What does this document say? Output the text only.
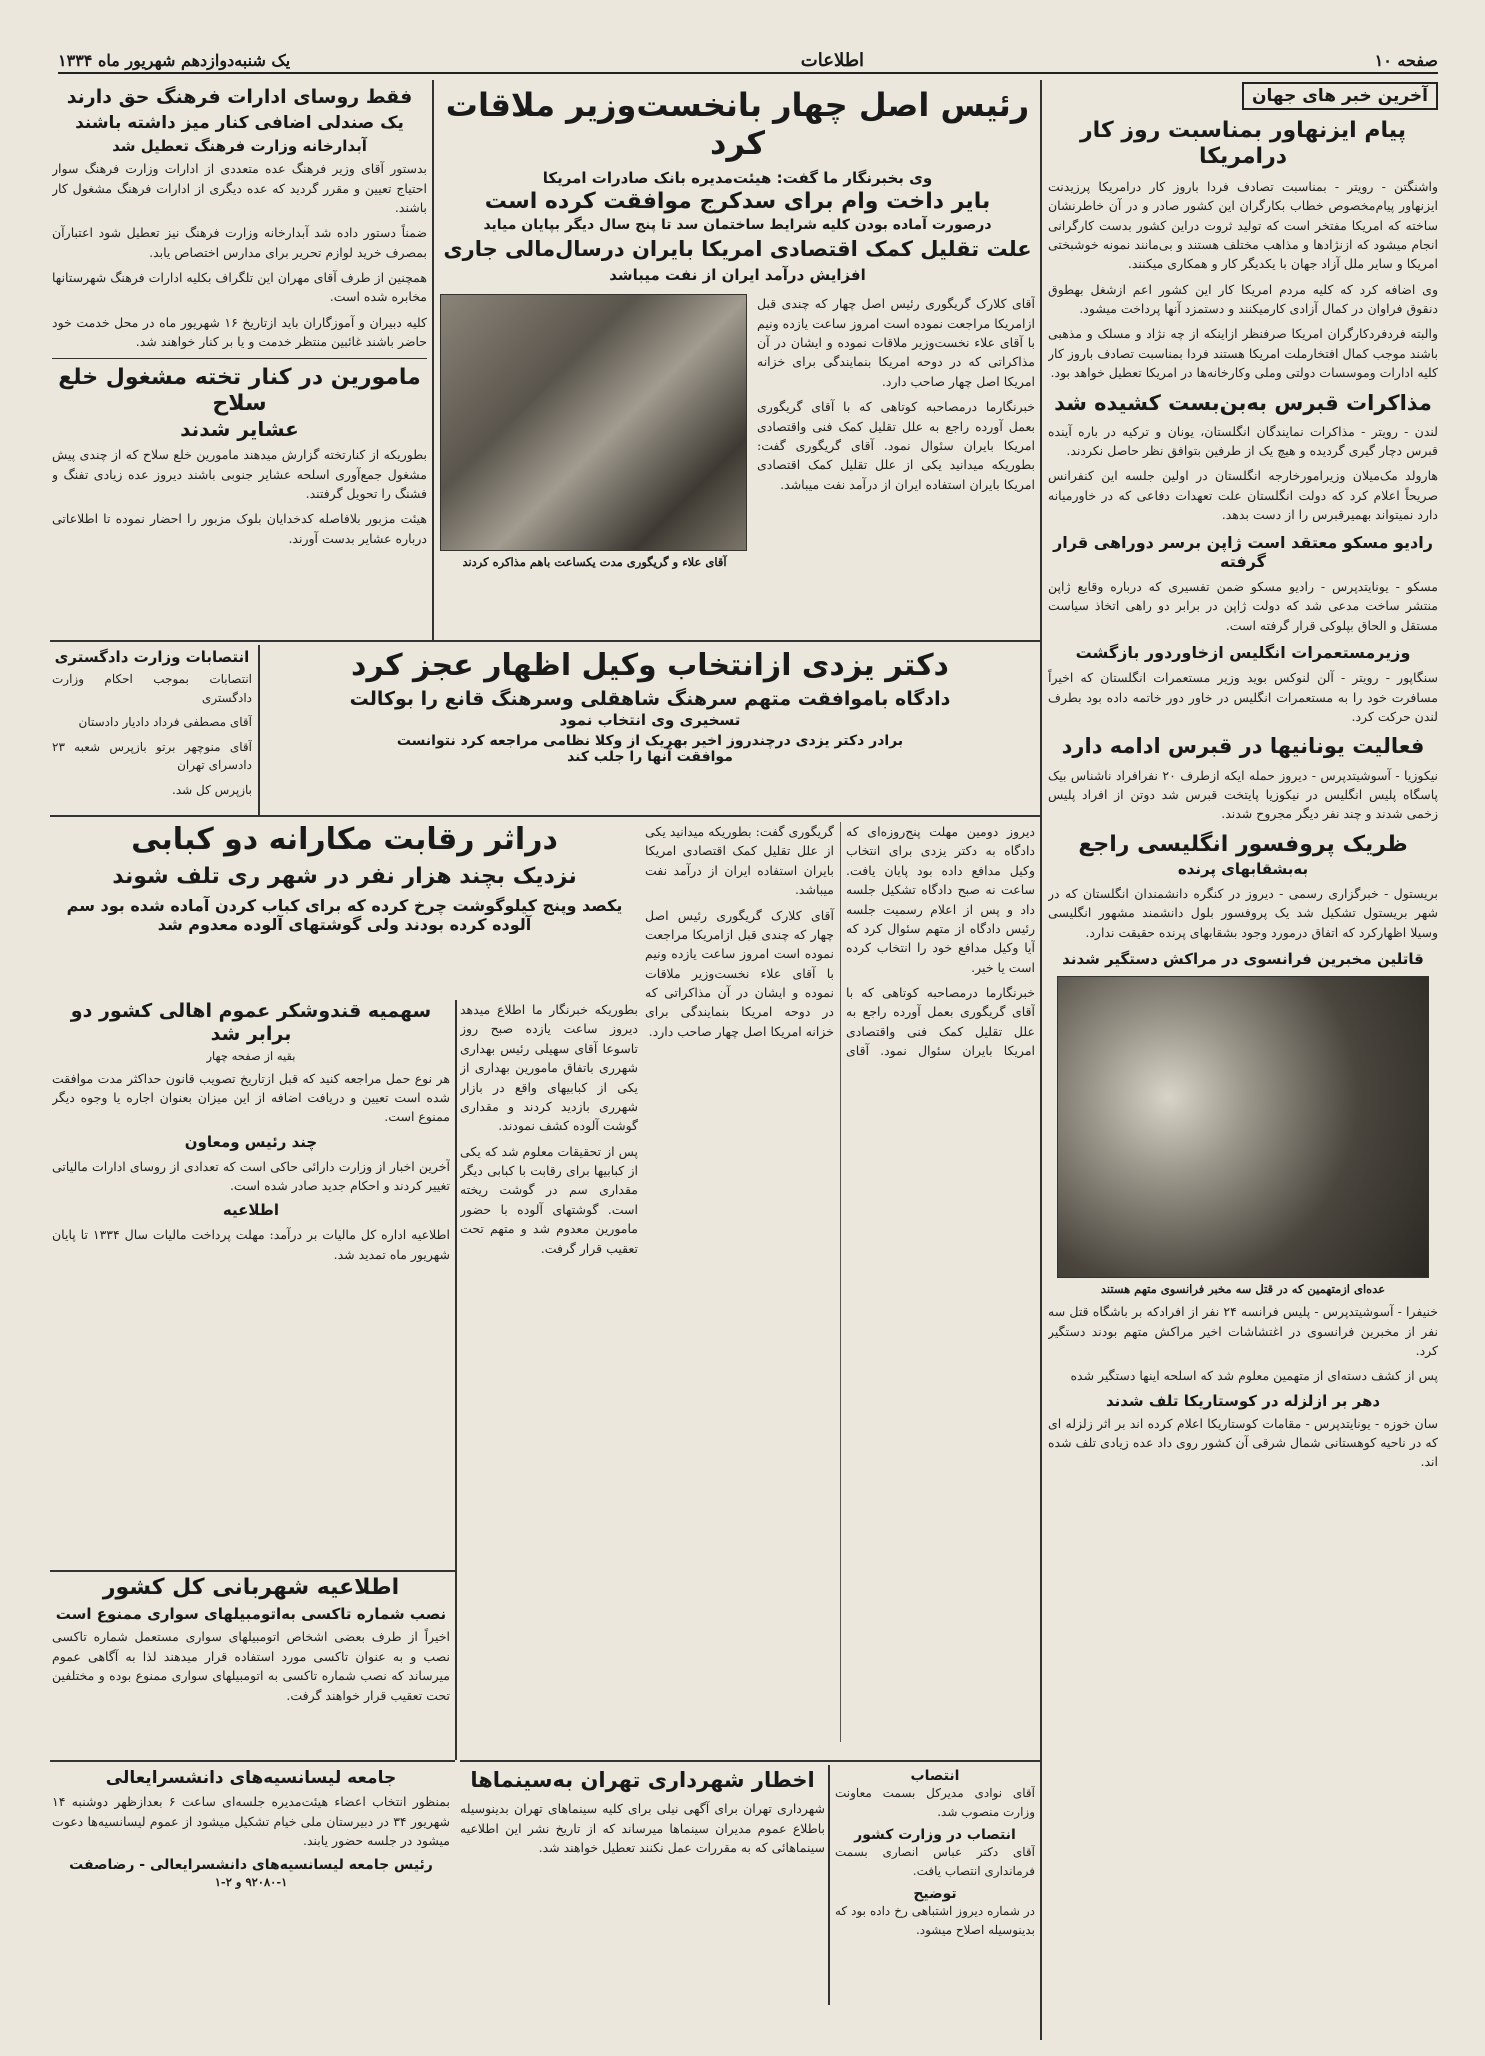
صفحه ۱۰
اطلاعات
یک شنبه‌دوازدهم شهریور ماه ۱۳۳۴
آخرین خبر های جهان
پیام ایزنهاور بمناسبت روز کار درامریکا

واشنگتن - رویتر - بمناسبت تصادف فردا باروز کار درامریکا پرزیدنت ایزنهاور پیام‌مخصوص خطاب بکارگران این کشور صادر و در آن خاطرنشان ساخته که امریکا مفتخر است که تولید ثروت دراین کشور بدست کارگرانی انجام میشود که ازنژادها و مذاهب مختلف هستند و بی‌مانند نمونه خوشبختی امریکا و سایر ملل آزاد جهان با یکدیگر کار و همکاری میکنند.

وی اضافه کرد که کلیه مردم امریکا کار این کشور اعم ازشغل بهطوق دنقوق فراوان در کمال آزادی کارمیکنند و دستمزد آنها پرداخت میشود.

والبته فردفردکارگران امریکا صرفنظر ازاینکه از چه نژاد و مسلک و مذهبی باشند موجب کمال افتخارملت امریکا هستند فردا بمناسبت تصادف باروز کار کلیه ادارات وموسسات دولتی وملی وکارخانه‌ها در امریکا تعطیل خواهد بود.

مذاکرات قبرس به‌بن‌بست کشیده شد

لندن - رویتر - مذاکرات نمایندگان انگلستان، یونان و ترکیه در باره آینده قبرس دچار گیری گردیده و هیچ یک از طرفین بتوافق نظر حاصل نکردند.

هارولد مک‌میلان وزیرامورخارجه انگلستان در اولین جلسه این کنفرانس صریحاً اعلام کرد که دولت انگلستان علت تعهدات دفاعی که در خاورمیانه دارد نمیتواند بهمیرقبرس را از دست بدهد.

رادیو مسکو معتقد است ژاپن برسر دوراهی قرار گرفته

مسکو - یونایتدپرس - رادیو مسکو ضمن تفسیری که درباره وقایع ژاپن منتشر ساخت مدعی شد که دولت ژاپن در برابر دو راهی اتخاذ سیاست مستقل و الحاق بپلوکی قرار گرفته است.

وزیرمستعمرات انگلیس ازخاورد‌ور بازگشت

سنگاپور - رویتر - آلن لنوکس بوید وزیر مستعمرات انگلستان که اخیراً مسافرت خود را به مستعمرات انگلیس در خاور دور خاتمه داده بود بطرف لندن حرکت کرد.

فعالیت یونانیها در قبرس ادامه دارد

نیکوزیا - آسوشیتدپرس - دیروز حمله ایکه ازطرف ۲۰ نفرافراد ناشناس بیک پاسگاه پلیس انگلیس در نیکوزیا پایتخت قبرس شد دوتن از افراد پلیس زخمی شدند و چند نفر دیگر مجروح شدند.

ظریک پروفسور انگلیسی راجع
به‌بشقابهای پرنده

بریستول - خبرگزاری رسمی - دیروز در کنگره دانشمندان انگلستان که در شهر بریستول تشکیل شد یک پروفسور بلول دانشمند مشهور انگلیسی وسیلا اظهارکرد که اتفاق درمورد وجود بشقابهای پرنده حقیقت ندارد.

قاتلین مخبرین فرانسوی در مراکش دستگیر شدند
عده‌ای ازمتهمین که در قتل سه مخبر فرانسوی متهم هستند

خنیفرا - آسوشیتدپرس - پلیس فرانسه ۲۴ نفر از افرادکه بر باشگاه قتل سه نفر از مخبرین فرانسوی در اغتشاشات اخیر مراکش متهم بودند دستگیر کرد.

پس از کشف دسته‌ای از متهمین معلوم شد که اسلحه اینها دستگیر شده

دهر بر ازلزله در کوستاریکا تلف شدند

سان خوزه - یونایتدپرس - مقامات کوستاریکا اعلام کرده اند بر اثر زلزله ای که در ناحیه کوهستانی شمال شرقی آن کشور روی داد عده زیادی تلف شده اند.

رئیس اصل چهار بانخست‌وزیر ملاقات کرد
وی بخبرنگار ما گفت: هیئت‌مدیره بانک صادرات امریکا
بایر داخت وام برای سدکرج موافقت کرده است
درصورت آماده بودن کلیه شرایط ساختمان سد تا پنج سال دیگر بپایان میاید
علت تقلیل کمک اقتصادی امریکا بایران درسال‌مالی جاری
افزایش درآمد ایران از نفت میباشد

آقای کلارک گریگوری رئیس اصل چهار که چندی قبل ازامریکا مراجعت نموده است امروز ساعت یازده ونیم با آقای علاء نخست‌وزیر ملاقات نموده و ایشان در آن مذاکراتی که در دوحه امریکا بنمایندگی برای خزانه امریکا اصل چهار صاحب دارد.

خبرنگارما درمصاحبه کوتاهی که با آقای گریگوری بعمل آورده راجع به علل تقلیل کمک فنی واقتصادی امریکا بایران سئوال نمود. آقای گریگوری گفت: بطوریکه میدانید یکی از علل تقلیل کمک اقتصادی امریکا بایران استفاده ایران از درآمد نفت میباشد.

آقای علاء و گریگوری مدت یکساعت باهم مذاکره کردند
فقط روسای ادارات فرهنگ حق دارند
یک صندلی اضافی کنار میز داشته باشند
آبدارخانه وزارت فرهنگ تعطیل شد

بدستور آقای وزیر فرهنگ عده متعددی از ادارات وزارت فرهنگ سوار احتیاج تعیین و مقرر گردید که عده دیگری از ادارات فرهنگ مشغول کار باشند.

ضمناً دستور داده شد آبدارخانه وزارت فرهنگ نیز تعطیل شود اعتبارآن بمصرف خرید لوازم تحریر برای مدارس اختصاص یابد.

همچنین از طرف آقای مهران این تلگراف بکلیه ادارات فرهنگ شهرستانها مخابره شده است.

کلیه دبیران و آموزگاران باید ازتاریخ ۱۶ شهریور ماه در محل خدمت خود حاضر باشند غائبین منتظر خدمت و یا بر کنار خواهند شد.

مامورین در کنار تخته مشغول خلع سلاح
عشایر شدند

بطوریکه از کنارتخته گزارش میدهند مامورین خلع سلاح که از چندی پیش مشغول جمع‌آوری اسلحه عشایر جنوبی باشند دیروز عده زیادی تفنگ و فشنگ را تحویل گرفتند.

هیئت‌ مزبور بلافاصله کدخدایان بلوک مزبور را احضار نموده تا اطلاعاتی درباره عشایر بدست آورند.

انتصابات وزارت دادگستری

انتصابات بموجب احکام وزارت دادگستری

آقای مصطفی فرداد دادیار دادستان

آقای منوچهر برتو بازپرس شعبه ۲۳ دادسرای تهران

بازپرس کل شد.

دکتر یزدی ازانتخاب وکیل اظهار عجز کرد
دادگاه باموافقت متهم سرهنگ شاهقلی وسرهنگ قانع را بوکالت
تسخیری وی انتخاب نمود
برادر دکتر یزدی درچندروز اخیر بهریک از وکلا نظامی مراجعه کرد نتوانست
موافقت آنها را جلب کند

دیروز دومین مهلت پنج‌روزه‌ای که دادگاه به دکتر یزدی برای انتخاب وکیل مدافع داده بود پایان یافت. ساعت نه صبح دادگاه تشکیل جلسه داد و پس از اعلام رسمیت جلسه رئیس دادگاه از متهم سئوال کرد که آیا وکیل مدافع خود را انتخاب کرده است یا خیر.

خبرنگارما درمصاحبه کوتاهی که با آقای گریگوری بعمل آورده راجع به علل تقلیل کمک فنی واقتصادی امریکا بایران سئوال نمود. آقای گریگوری گفت: بطوریکه میدانید یکی از علل تقلیل کمک اقتصادی امریکا بایران استفاده ایران از درآمد نفت میباشد.

آقای کلارک گریگوری رئیس اصل چهار که چندی قبل ازامریکا مراجعت نموده است امروز ساعت یازده ونیم با آقای علاء نخست‌وزیر ملاقات نموده و ایشان در آن مذاکراتی که در دوحه امریکا بنمایندگی برای خزانه امریکا اصل چهار صاحب دارد.

دراثر رقابت مکارانه دو کبابی
نزدیک بچند هزار نفر در شهر ری تلف شوند
یکصد وپنج کیلوگوشت چرخ کرده که برای کباب کردن آماده شده بود سم
آلوده کرده بودند ولی گوشتهای آلوده معدوم شد

بطوریکه خبرنگار ما اطلاع میدهد دیروز ساعت یازده صبح روز تاسوعا آقای سهیلی رئیس بهداری شهرری باتفاق مامورین بهداری از یکی از کبابیهای واقع در بازار شهرری بازدید کردند و مقداری گوشت آلوده کشف نمودند.

پس از تحقیقات معلوم شد که یکی از کبابیها برای رقابت با کبابی دیگر مقداری سم در گوشت ریخته است. گوشتهای آلوده با حضور مامورین معدوم شد و متهم تحت تعقیب قرار گرفت.

سهمیه قندوشکر عموم اهالی کشور دو برابر شد
بقیه از صفحه چهار

هر نوع حمل مراجعه کنید که قبل ازتاریخ تصویب قانون حداکثر مدت موافقت شده است تعیین و دریافت اضافه از این میزان بعنوان اجاره یا وجوه دیگر ممنوع است.

چند رئیس ومعاون

آخرین اخبار از وزارت دارائی حاکی است که تعدادی از روسای ادارات مالیاتی تغییر کردند و احکام جدید صادر شده است.

اطلاعیه

اطلاعیه اداره کل مالیات بر درآمد: مهلت پرداخت مالیات سال ۱۳۳۴ تا پایان شهریور ماه تمدید شد.

اطلاعیه شهربانی کل کشور
نصب شماره تاکسی به‌اتومبیلهای سواری ممنوع است

اخیراً از طرف بعضی اشخاص اتومبیلهای سواری مستعمل شماره تاکسی نصب و به عنوان تاکسی مورد استفاده قرار میدهند لذا به آگاهی عموم میرساند که نصب شماره تاکسی به اتومبیلهای سواری ممنوع بوده و مختلفین تحت تعقیب قرار خواهند گرفت.

جامعه لیسانسیه‌های دانشسرایعالی

بمنظور انتخاب اعضاء هیئت‌مدیره جلسه‌ای ساعت ۶ بعدازظهر دوشنبه ۱۴ شهریور ۳۴ در دبیرستان ملی خیام تشکیل میشود از عموم لیسانسیه‌ها دعوت میشود در جلسه حضور یابند.

رئیس جامعه لیسانسیه‌های دانشسرایعالی - رضاصفت
۹۲۰۸۰-۱ و ۲-۱
اخطار شهرداری تهران به‌سینماها

شهرداری تهران برای آگهی نیلی برای کلیه سینماهای تهران بدینوسیله باطلاع عموم مدیران سینماها میرساند که از تاریخ نشر این اطلاعیه سینماهائی که به مقررات عمل نکنند تعطیل خواهند شد.

انتصاب

آقای نوادی مدیرکل بسمت معاونت وزارت منصوب شد.

انتصاب در وزارت کشور

آقای دکتر عباس انصاری بسمت فرمانداری انتصاب یافت.

توضیح

در شماره دیروز اشتباهی رخ داده بود که بدینوسیله اصلاح میشود.
